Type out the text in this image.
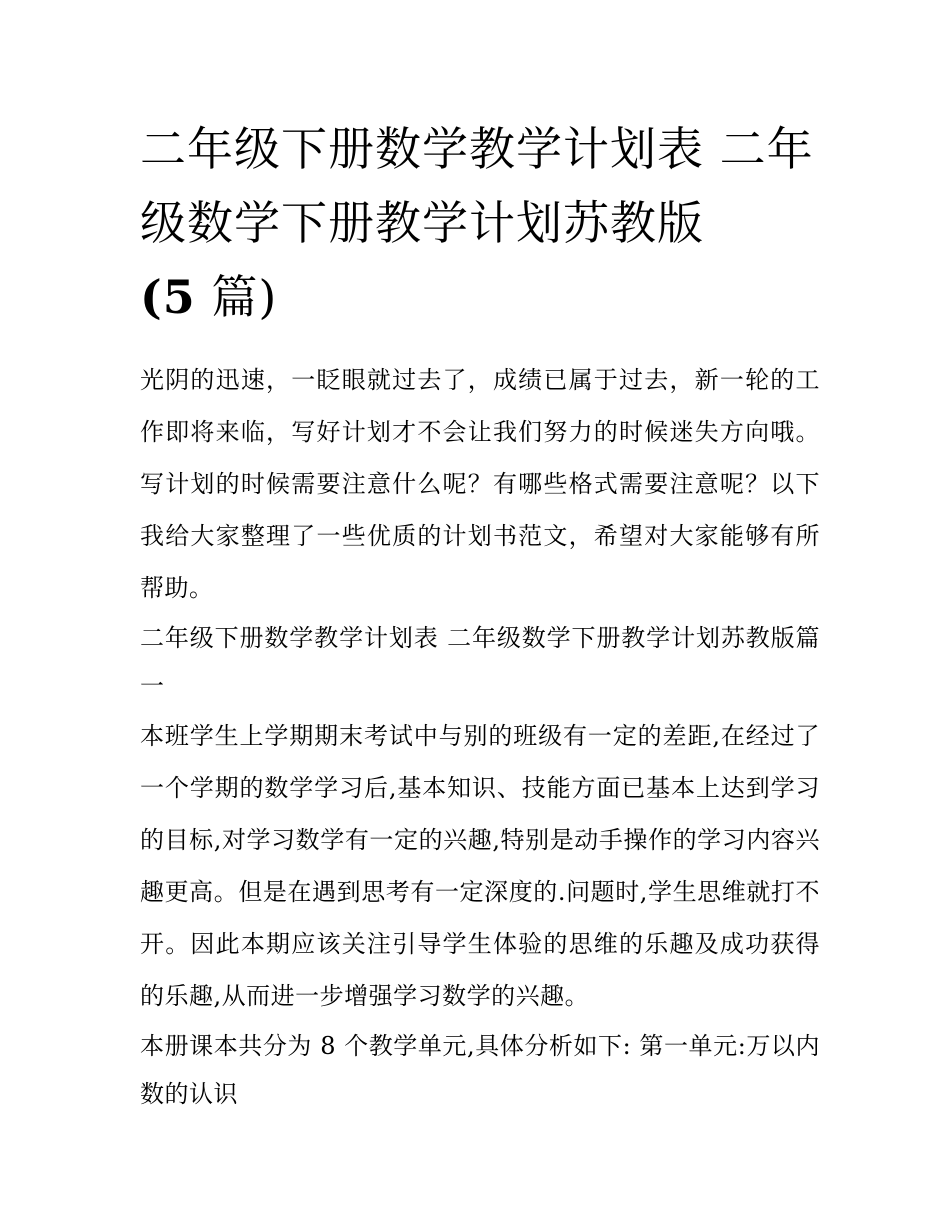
二年级下册数学教学计划表 二年级数学下册教学计划苏教版
(5 篇)

光阴的迅速，一眨眼就过去了，成绩已属于过去，新一轮的工作即将来临，写好计划才不会让我们努力的时候迷失方向哦。写计划的时候需要注意什么呢？有哪些格式需要注意呢？以下我给大家整理了一些优质的计划书范文，希望对大家能够有所帮助。

二年级下册数学教学计划表 二年级数学下册教学计划苏教版篇一

本班学生上学期期末考试中与别的班级有一定的差距,在经过了一个学期的数学学习后,基本知识、技能方面已基本上达到学习的目标,对学习数学有一定的兴趣,特别是动手操作的学习内容兴趣更高。但是在遇到思考有一定深度的.问题时,学生思维就打不开。因此本期应该关注引导学生体验的思维的乐趣及成功获得的乐趣,从而进一步增强学习数学的兴趣。

本册课本共分为 8 个教学单元,具体分析如下: 第一单元:万以内数的认识
